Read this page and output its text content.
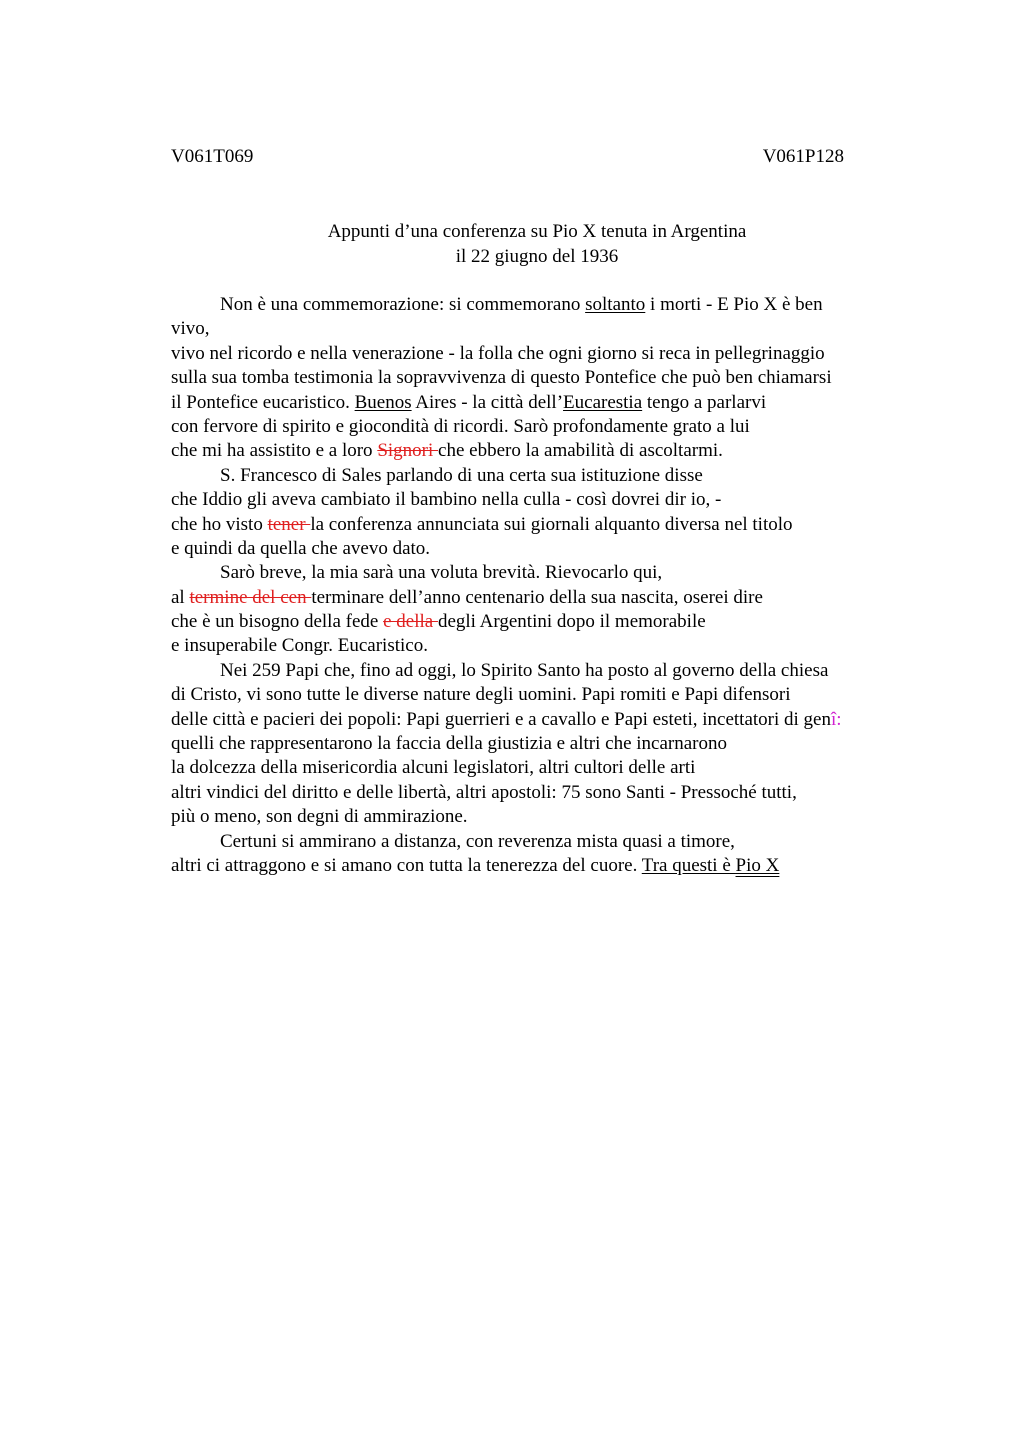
V061T069	V061P128
Appunti d’una conferenza su Pio X tenuta in Argentina
il 22 giugno del 1936
Non è una commemorazione: si commemorano soltanto i morti - E Pio X è ben
vivo,
vivo nel ricordo e nella venerazione - la folla che ogni giorno si reca in pellegrinaggio
sulla sua tomba testimonia la sopravvivenza di questo Pontefice che può ben chiamarsi
il Pontefice eucaristico. Buenos Aires - la città dell’Eucarestia tengo a parlarvi
con fervore di spirito e giocondità di ricordi. Sarò profondamente grato a lui
che mi ha assistito e a loro Signori che ebbero la amabilità di ascoltarmi.
S. Francesco di Sales parlando di una certa sua istituzione disse
che Iddio gli aveva cambiato il bambino nella culla - così dovrei dir io, -
che ho visto tener la conferenza annunciata sui giornali alquanto diversa nel titolo
e quindi da quella che avevo dato.
Sarò breve, la mia sarà una voluta brevità. Rievocarlo qui,
al termine del cen terminare dell’anno centenario della sua nascita, oserei dire
che è un bisogno della fede e della degli Argentini dopo il memorabile
e insuperabile Congr. Eucaristico.
Nei 259 Papi che, fino ad oggi, lo Spirito Santo ha posto al governo della chiesa
di Cristo, vi sono tutte le diverse nature degli uomini. Papi romiti e Papi difensori
delle città e pacieri dei popoli: Papi guerrieri e a cavallo e Papi esteti, incettatori di genî:
quelli che rappresentarono la faccia della giustizia e altri che incarnarono
la dolcezza della misericordia alcuni legislatori, altri cultori delle arti
altri vindici del diritto e delle libertà, altri apostoli: 75 sono Santi - Pressoché tutti,
più o meno, son degni di ammirazione.
Certuni si ammirano a distanza, con reverenza mista quasi a timore,
altri ci attraggono e si amano con tutta la tenerezza del cuore. Tra questi è Pio X
